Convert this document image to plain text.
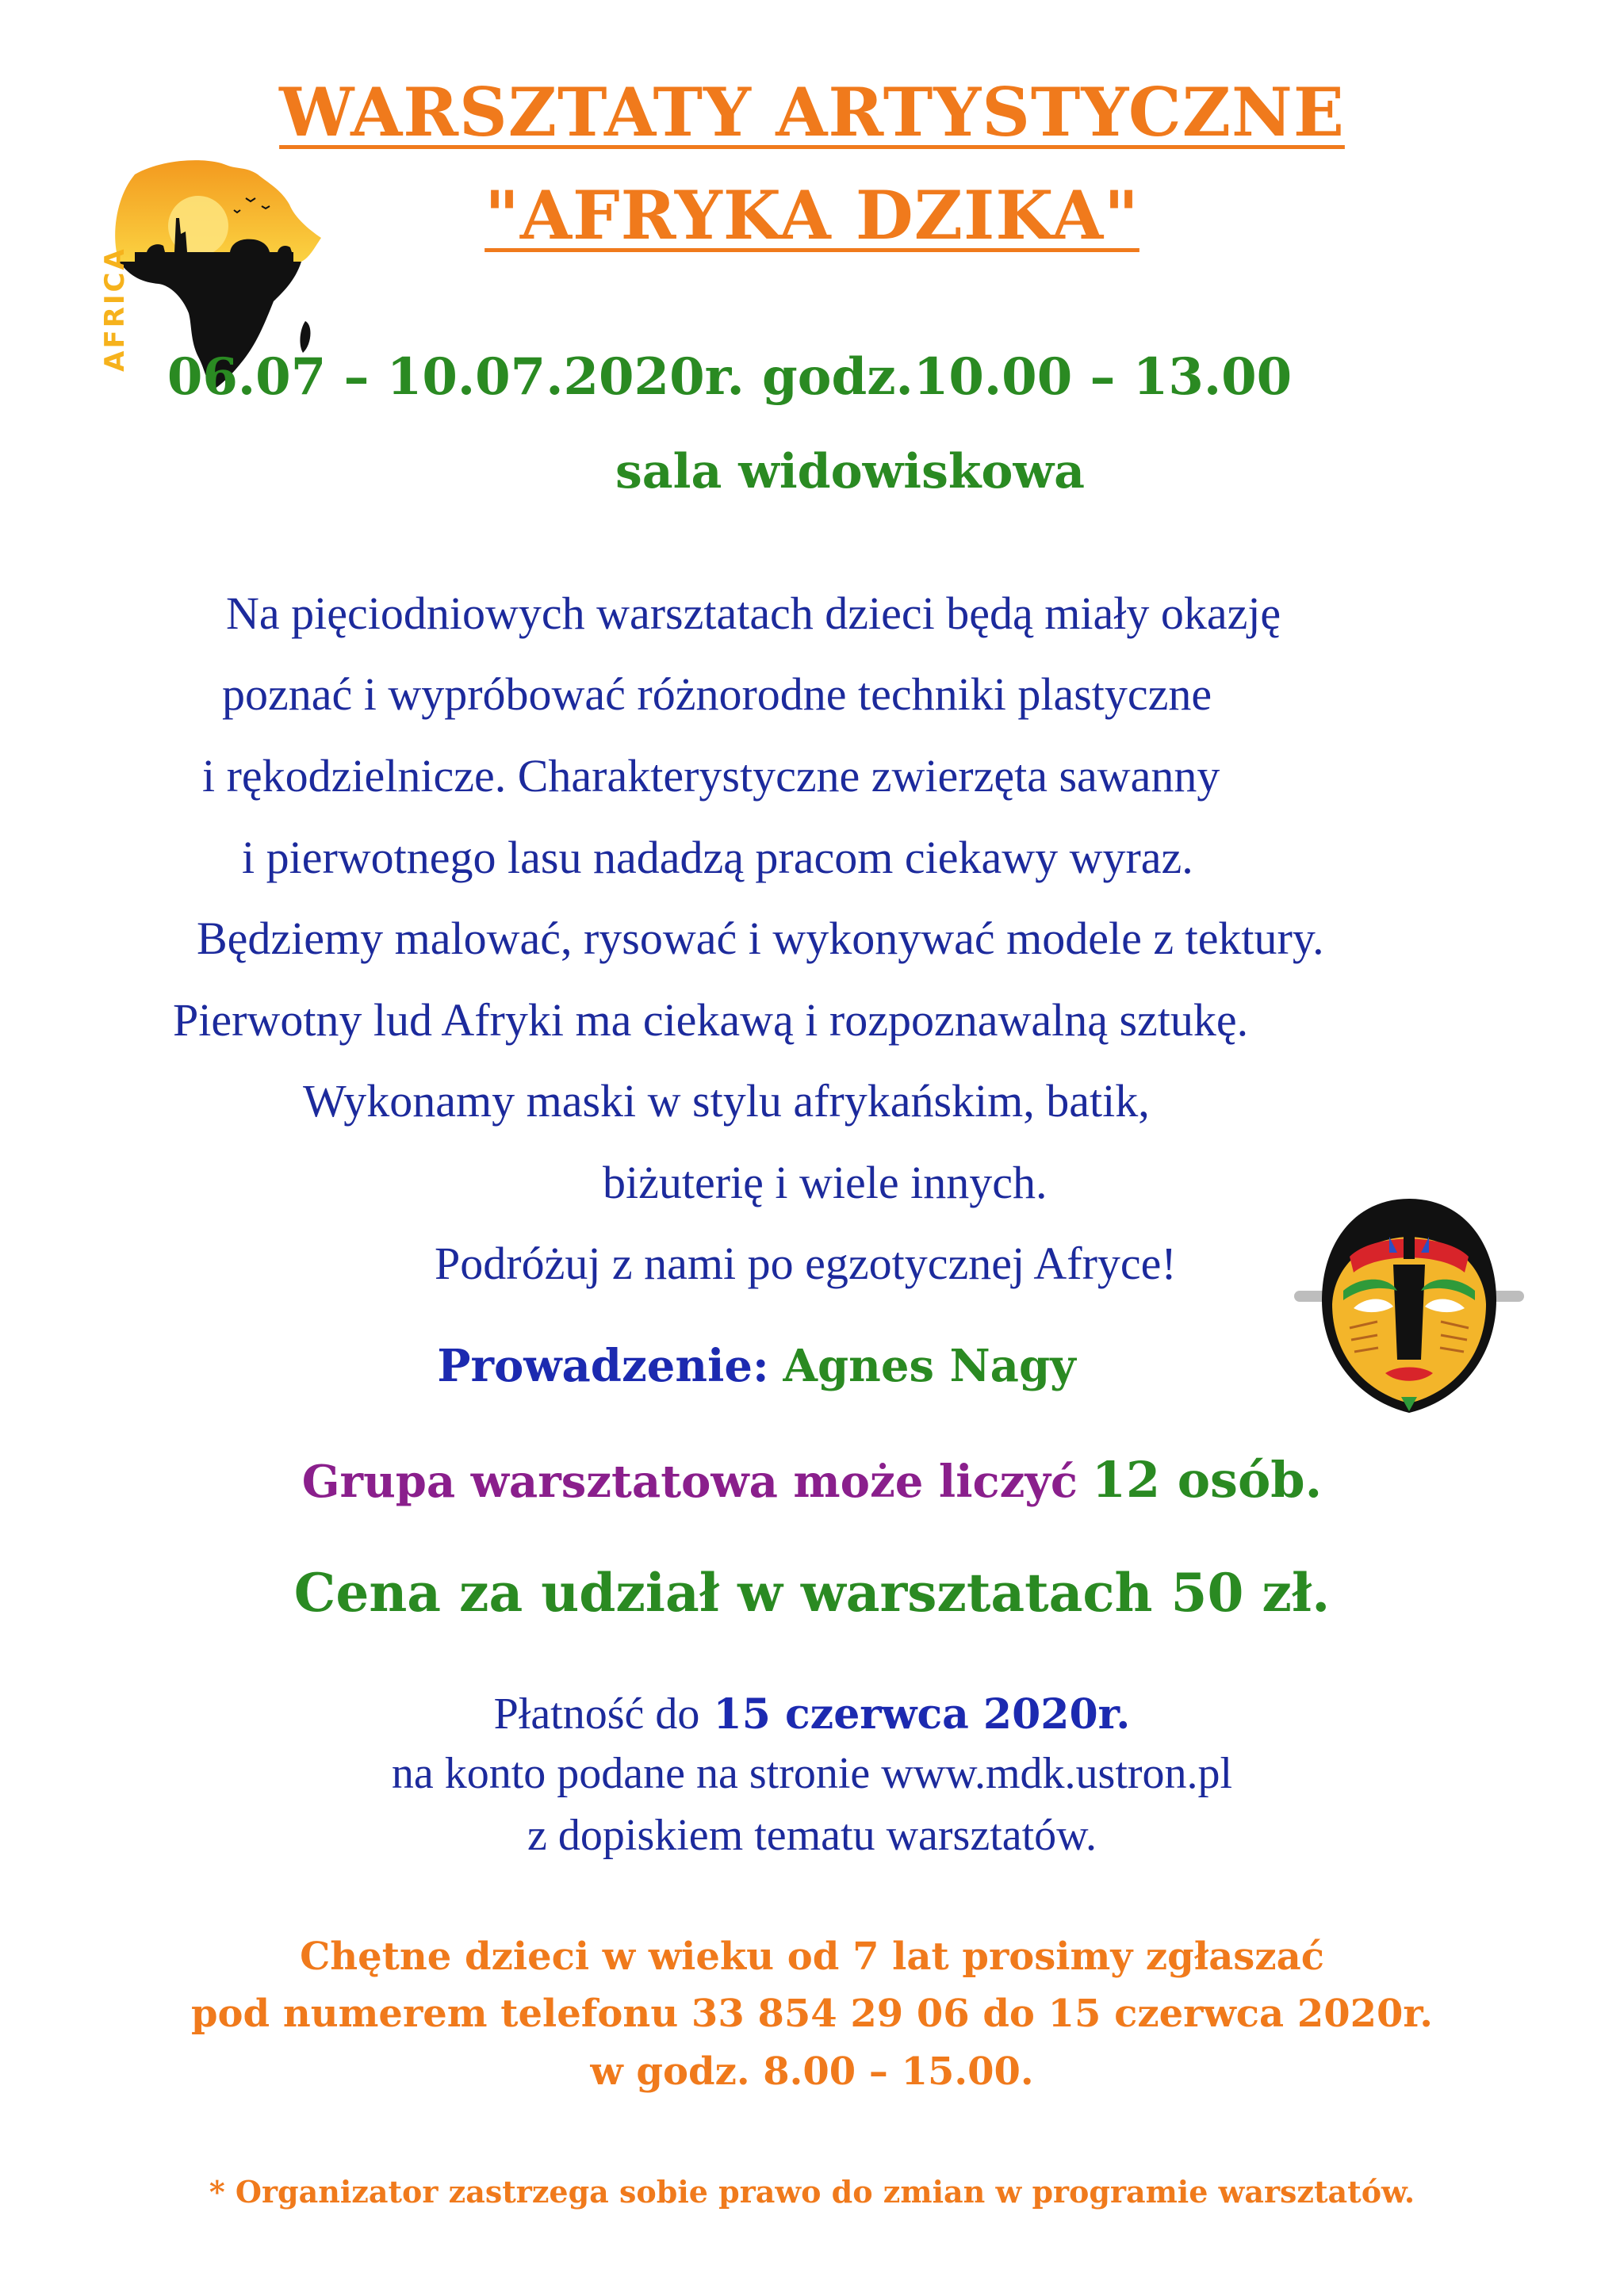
AFRICA
WARSZTATY ARTYSTYCZNE
"AFRYKA DZIKA"
06.07 – 10.07.2020r. godz.10.00 – 13.00
sala widowiskowa
Na pięciodniowych warsztatach dzieci będą miały okazję
poznać i wypróbować różnorodne techniki plastyczne
i rękodzielnicze. Charakterystyczne zwierzęta sawanny
i pierwotnego lasu nadadzą pracom ciekawy wyraz.
Będziemy malować, rysować i wykonywać modele z tektury.
Pierwotny lud Afryki ma ciekawą i rozpoznawalną sztukę.
Wykonamy maski w stylu afrykańskim, batik,
biżuterię i wiele innych.
Podróżuj z nami po egzotycznej Afryce!
Prowadzenie: Agnes Nagy
Grupa warsztatowa może liczyć 12 osób.
Cena za udział w warsztatach 50 zł.
Płatność do 15 czerwca 2020r.
na konto podane na stronie www.mdk.ustron.pl
z dopiskiem tematu warsztatów.
Chętne dzieci w wieku od 7 lat prosimy zgłaszać
pod numerem telefonu 33 854 29 06 do 15 czerwca 2020r.
w godz. 8.00 – 15.00.
* Organizator zastrzega sobie prawo do zmian w programie warsztatów.
